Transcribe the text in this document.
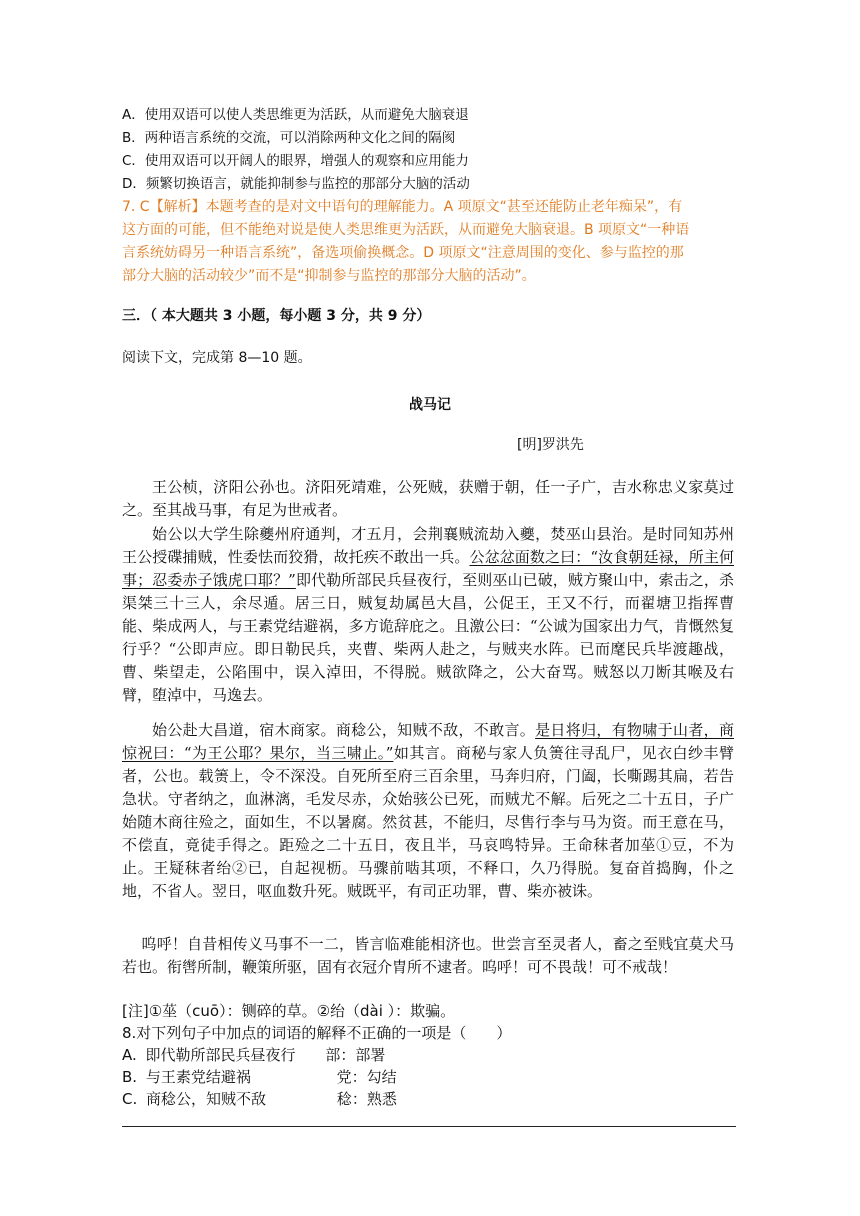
A．使用双语可以使人类思维更为活跃，从而避免大脑衰退
B．两种语言系统的交流，可以消除两种文化之间的隔阂
C．使用双语可以开阔人的眼界，增强人的观察和应用能力
D．频繁切换语言，就能抑制参与监控的那部分大脑的活动
7. C【解析】本题考查的是对文中语句的理解能力。A 项原文“甚至还能防止老年痴呆”，有
这方面的可能，但不能绝对说是使人类思维更为活跃，从而避免大脑衰退。B 项原文“一种语
言系统妨碍另一种语言系统”，备选项偷换概念。D 项原文“注意周围的变化、参与监控的那
部分大脑的活动较少”而不是“抑制参与监控的那部分大脑的活动”。
三．（ 本大题共 3 小题，每小题 3 分，共 9 分）
阅读下文，完成第 8—10 题。
战马记
[明]罗洪先
王公桢，济阳公孙也。济阳死靖难，公死贼，获赠于朝，任一子广，吉水称忠义家莫过之。至其战马事，有足为世戒者。
始公以大学生除夔州府通判，才五月，会荆襄贼流劫入夔，焚巫山县治。是时同知苏州王公授碟捕贼，性委怯而狡猾，故托疾不敢出一兵。公忿忿面数之曰：“汝食朝廷禄，所主何事；忍委赤子饿虎口耶？”即代勒所部民兵昼夜行，至则巫山已破，贼方聚山中，索击之，杀渠桀三十三人，余尽遁。居三日，贼复劫属邑大昌，公促王，王又不行，而翟塘卫指挥曹能、柴成两人，与王素党结避祸，多方诡辞庇之。且激公曰：“公诚为国家出力气，肯慨然复行乎？“公即声应。即日勒民兵，夹曹、柴两人赴之，与贼夹水阵。已而麾民兵毕渡趣战，曹、柴望走，公陷围中，误入淖田，不得脱。贼欲降之，公大奋骂。贼怒以刀断其喉及右臂，堕淖中，马逸去。
始公赴大昌道，宿木商家。商稔公，知贼不敌，不敢言。是日将归，有物啸于山者，商惊祝曰：“为王公耶？果尔，当三啸止。”如其言。商秘与家人负箦往寻乱尸，见衣白纱丰臂者，公也。载箦上，令不深没。自死所至府三百余里，马奔归府，门阖，长嘶踢其扁，若告急状。守者纳之，血淋漓，毛发尽赤，众始骇公已死，而贼尤不解。后死之二十五日，子广始随木商往殓之，面如生，不以暑腐。然贫甚，不能归，尽售行李与马为资。而王意在马，不偿直，竟徒手得之。距殓之二十五日，夜且半，马哀鸣特异。王命秣者加莝①豆，不为止。王疑秣者绐②已，自起视枥。马骤前啮其项，不释口，久乃得脱。复奋首捣胸，仆之地，不省人。翌日，呕血数升死。贼既平，有司正功罪，曹、柴亦被诛。
呜呼！自昔相传义马事不一二，皆言临难能相济也。世尝言至灵者人，畜之至贱宜莫犬马若也。衔辔所制，鞭策所驱，固有衣冠介胄所不逮者。呜呼！可不畏哉！可不戒哉！
[注]①莝（cuō）：铡碎的草。②绐（dài ）：欺骗。
8.对下列句子中加点的词语的解释不正确的一项是（　　）
A. 即代勒所部民兵昼夜行 部：部署
B. 与王素党结避祸	党：勾结
C. 商稔公，知贼不敌	稔：熟悉
